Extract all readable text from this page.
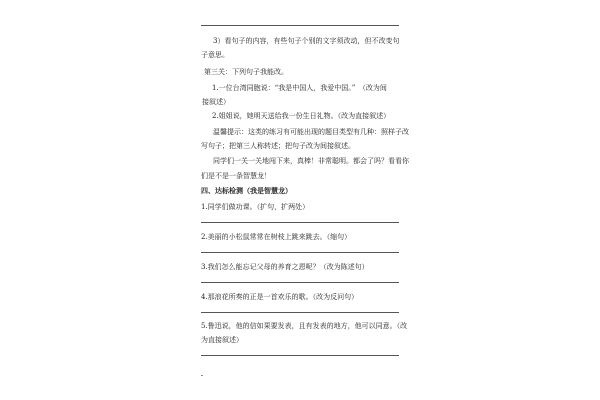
3）看句子的内容，有些句子个别的文字须改动，但不改变句
子意思。
第三关：下列句子我能改。
1.一位台湾同胞说：“我是中国人，我爱中国。”　（改为间
接叙述）
2.姐姐说，她明天送给我一份生日礼物。（改为直接叙述）
温馨提示：这类的练习有可能出现的题目类型有几种：照样子改
写句子；把第三人称转述；把句子改为间接叙述。
同学们一关一关地闯下来，真棒！非常聪明。都会了吗？看看你
们是不是一条智慧龙！
四、达标检测（我是智慧龙）
1.同学们做功课。（扩句，扩两处）
2.美丽的小松鼠常常在树枝上跳来跳去。（缩句）
3.我们怎么能忘记父母的养育之恩呢？（改为陈述句）
4.那浪花所奏的正是一首欢乐的歌。（改为反问句）
5.鲁迅说，他的信如果要发表，且有发表的地方，他可以同意。（改
为直接叙述）
